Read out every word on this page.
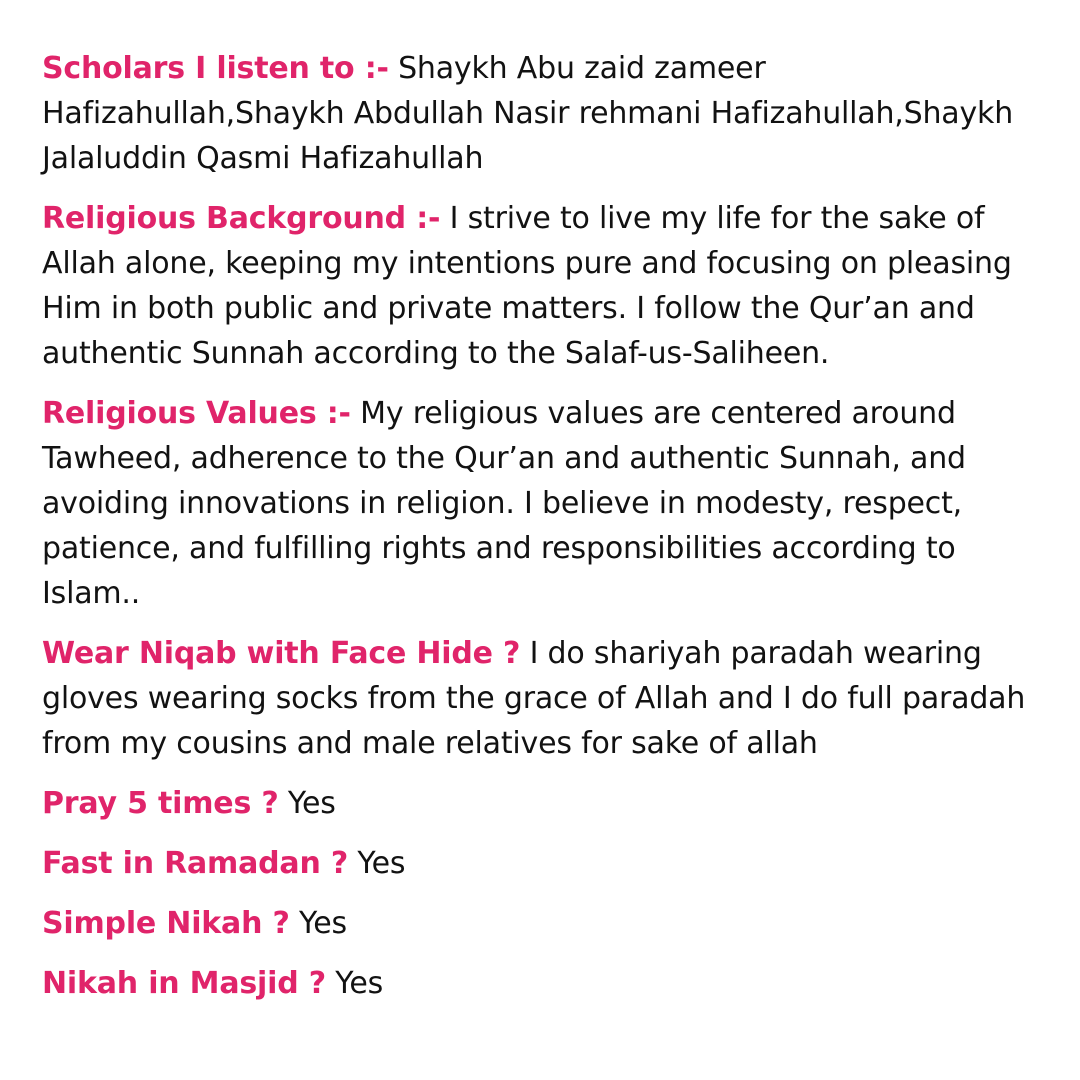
Scholars I listen to :- Shaykh Abu zaid zameer Hafizahullah,Shaykh Abdullah Nasir rehmani Hafizahullah,Shaykh Jalaluddin Qasmi Hafizahullah

Religious Background :- I strive to live my life for the sake of Allah alone, keeping my intentions pure and focusing on pleasing Him in both public and private matters. I follow the Qur’an and authentic Sunnah according to the Salaf-us-Saliheen.

Religious Values :- My religious values are centered around Tawheed, adherence to the Qur’an and authentic Sunnah, and avoiding innovations in religion. I believe in modesty, respect, patience, and fulfilling rights and responsibilities according to Islam..

Wear Niqab with Face Hide ? I do shariyah paradah wearing gloves wearing socks from the grace of Allah and I do full paradah from my cousins and male relatives for sake of allah

Pray 5 times ? Yes

Fast in Ramadan ? Yes

Simple Nikah ? Yes

Nikah in Masjid ? Yes
